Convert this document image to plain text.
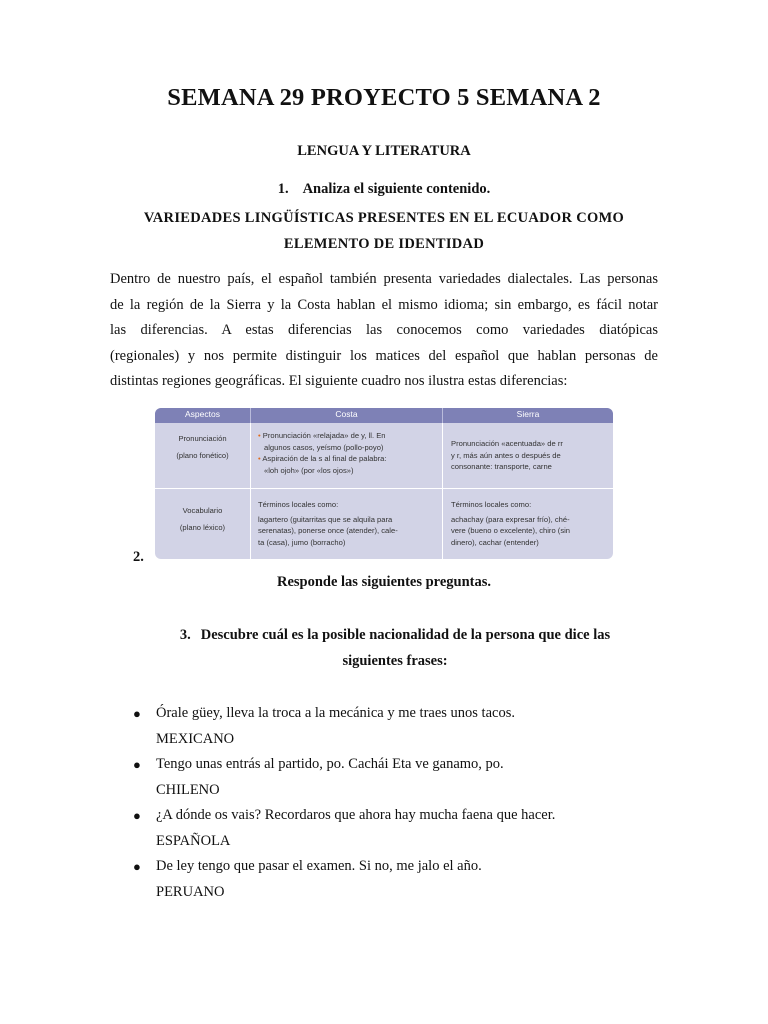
SEMANA 29 PROYECTO 5 SEMANA 2
LENGUA Y LITERATURA
1. Analiza el siguiente contenido.
VARIEDADES LINGÜÍSTICAS PRESENTES EN EL ECUADOR COMO
ELEMENTO DE IDENTIDAD
Dentro de nuestro país, el español también presenta variedades dialectales. Las personas
de la región de la Sierra y la Costa hablan el mismo idioma; sin embargo, es fácil notar
las diferencias. A estas diferencias las conocemos como variedades diatópicas
(regionales) y nos permite distinguir los matices del español que hablan personas de
distintas regiones geográficas. El siguiente cuadro nos ilustra estas diferencias:
Aspectos	Costa	Sierra
Pronunciación
(plano fonético)
• Pronunciación «relajada» de y, ll. En
algunos casos, yeísmo (pollo-poyo)
• Aspiración de la s al final de palabra:
«loh ojoh» (por «los ojos»)
Pronunciación «acentuada» de rr
y r, más aún antes o después de
consonante: transporte, carne
Vocabulario
(plano léxico)
Términos locales como:
lagartero (guitarritas que se alquila para
serenatas), ponerse once (atender), cale-
ta (casa), jumo (borracho)
Términos locales como:
achachay (para expresar frío), ché-
vere (bueno o excelente), chiro (sin
dinero), cachar (entender)
2.
Responde las siguientes preguntas.
3. Descubre cuál es la posible nacionalidad de la persona que dice las
siguientes frases:
● Órale güey, lleva la troca a la mecánica y me traes unos tacos.
MEXICANO
● Tengo unas entrás al partido, po. Cachái Eta ve ganamo, po.
CHILENO
● ¿A dónde os vais? Recordaros que ahora hay mucha faena que hacer.
ESPAÑOLA
● De ley tengo que pasar el examen. Si no, me jalo el año.
PERUANO
